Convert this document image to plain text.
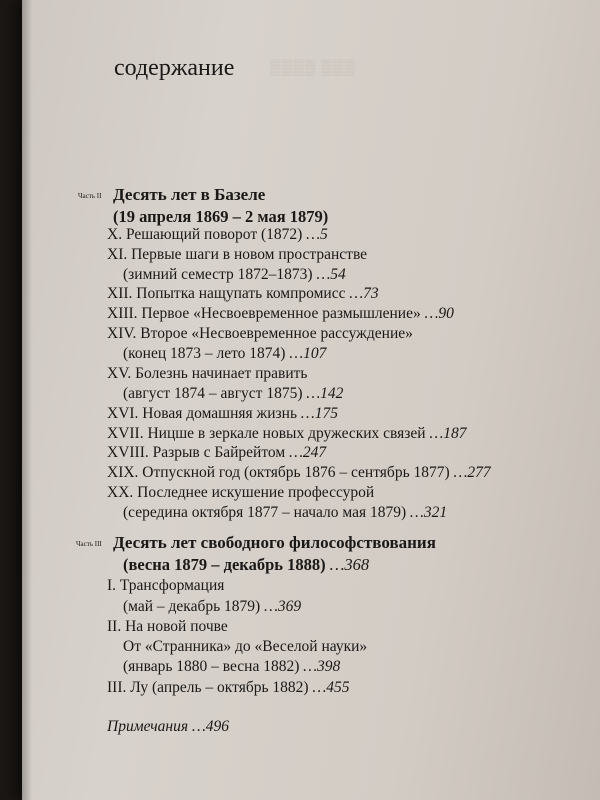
▒▒▒▒ ▒▒▒
содержание
Часть II Десять лет в Базеле
(19 апреля 1869 – 2 мая 1879)
X. Решающий поворот (1872) …5
XI. Первые шаги в новом пространстве
(зимний семестр 1872–1873) …54
XII. Попытка нащупать компромисс …73
XIII. Первое «Несвоевременное размышление» …90
XIV. Второе «Несвоевременное рассуждение»
(конец 1873 – лето 1874) …107
XV. Болезнь начинает править
(август 1874 – август 1875) …142
XVI. Новая домашняя жизнь …175
XVII. Ницше в зеркале новых дружеских связей …187
XVIII. Разрыв с Байрейтом …247
XIX. Отпускной год (октябрь 1876 – сентябрь 1877) …277
XX. Последнее искушение профессурой
(середина октября 1877 – начало мая 1879) …321
Часть III Десять лет свободного философствования
(весна 1879 – декабрь 1888) …368
I. Трансформация
(май – декабрь 1879) …369
II. На новой почве
От «Странника» до «Веселой науки»
(январь 1880 – весна 1882) …398
III. Лу (апрель – октябрь 1882) …455
Примечания …496
